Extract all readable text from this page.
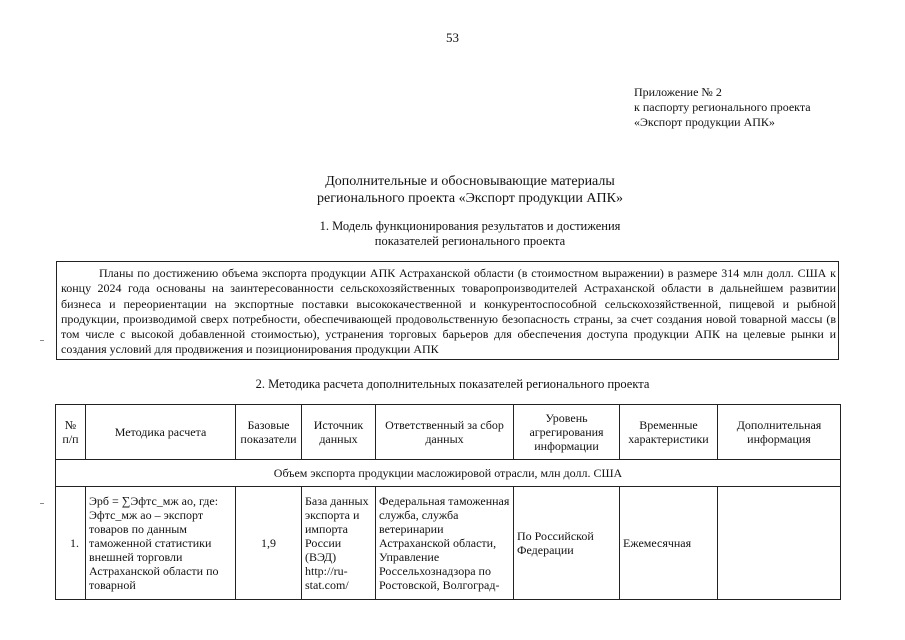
53
Приложение № 2
к паспорту регионального проекта
«Экспорт продукции АПК»
Дополнительные и обосновывающие материалы
регионального проекта «Экспорт продукции АПК»
1. Модель функционирования результатов и достижения
показателей регионального проекта

Планы по достижению объема экспорта продукции АПК Астраханской области (в стоимостном выражении) в размере 314 млн долл. США к концу 2024 года основаны на заинтересованности сельскохозяйственных товаропроизводителей Астраханской области в дальнейшем развитии бизнеса и переориентации на экспортные поставки высококачественной и конкурентоспособной сельскохозяйственной, пищевой и рыбной продукции, производимой сверх потребности, обеспечивающей продовольственную безопасность страны, за счет создания новой товарной массы (в том числе с высокой добавленной стоимостью), устранения торговых барьеров для обеспечения доступа продукции АПК на целевые рынки и создания условий для продвижения и позиционирования продукции АПК

2. Методика расчета дополнительных показателей регионального проекта
№ п/п	Методика расчета	Базовые показатели	Источник данных	Ответственный за сбор данных	Уровень агрегирования информации	Временные характеристики	Дополнительная информация
Объем экспорта продукции масложировой отрасли, млн долл. США							
1.	Эрб = ∑Эфтс_мж ао, где: Эфтс_мж ао – экспорт товаров по данным таможенной статистики внешней торговли Астраханской области по товарной	1,9	База данных экспорта и импорта России (ВЭД) http://ru-stat.com/	Федеральная таможенная служба, служба ветеринарии Астраханской области, Управление Россельхознадзора по Ростовской, Волгоград-	По Российской Федерации	Ежемесячная	
